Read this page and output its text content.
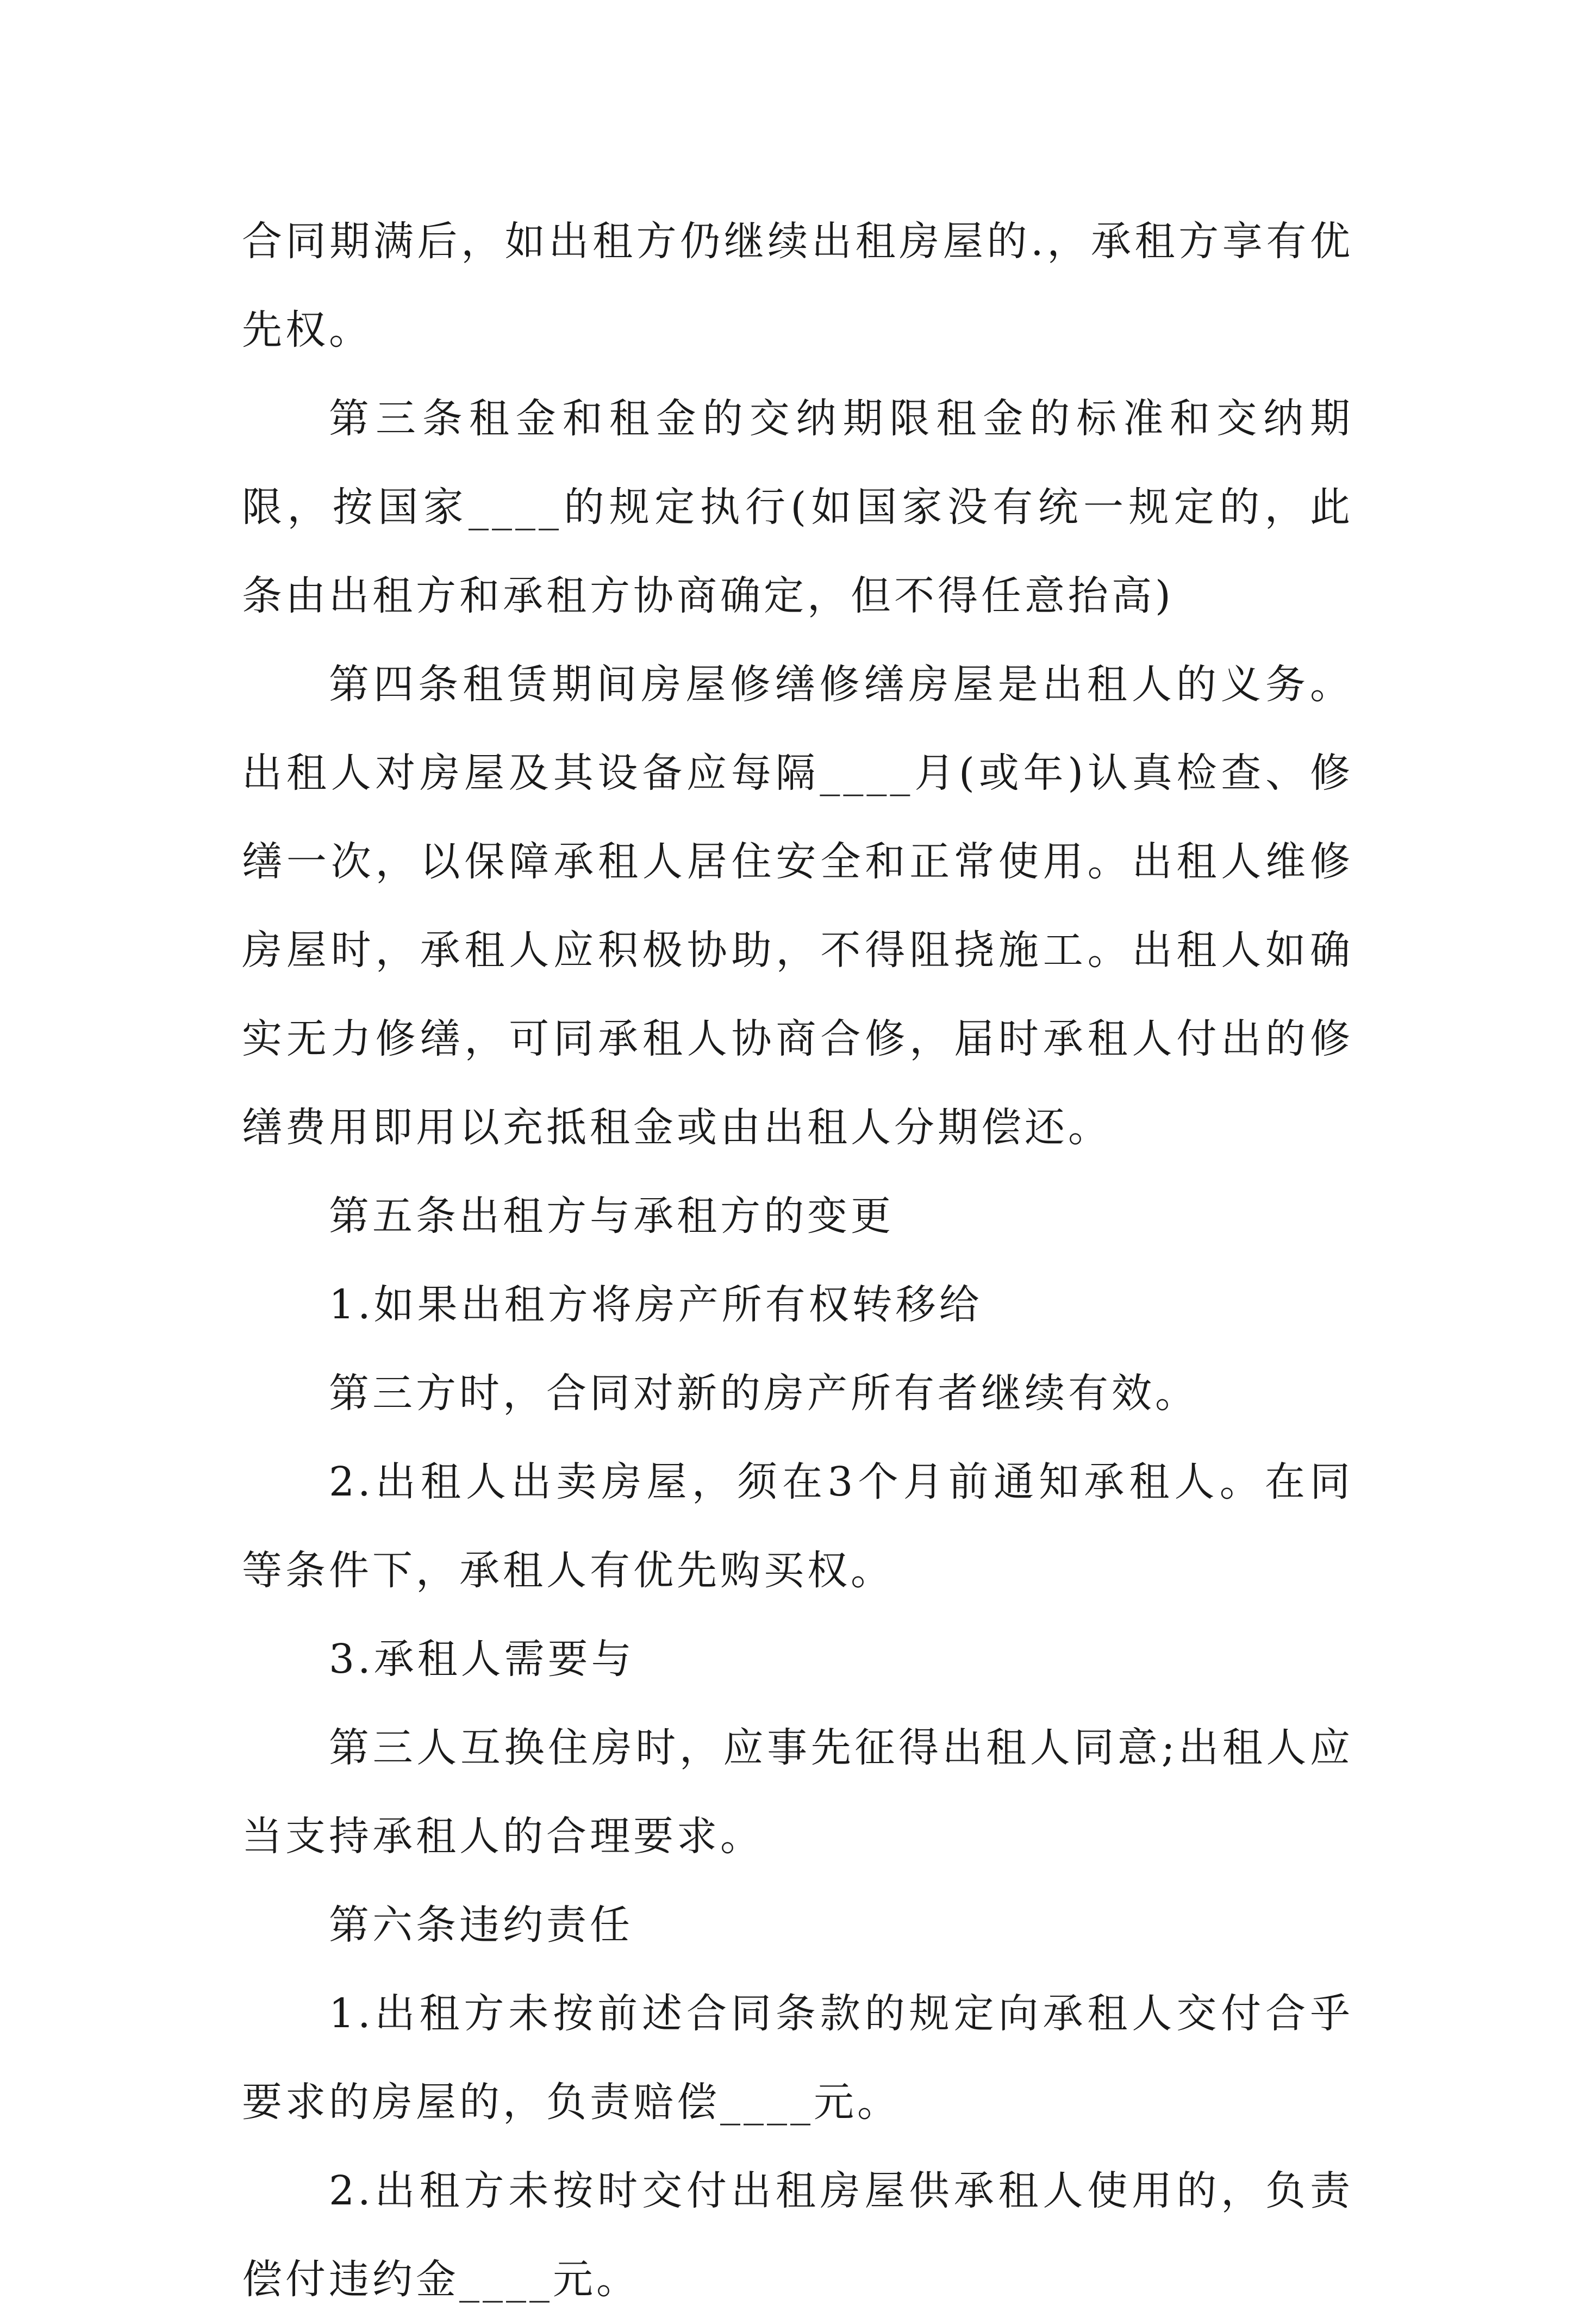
合同期满后，如出租方仍继续出租房屋的.，承租方享有优先权。

第三条租金和租金的交纳期限租金的标准和交纳期限，按国家____的规定执行(如国家没有统一规定的，此条由出租方和承租方协商确定，但不得任意抬高)

第四条租赁期间房屋修缮修缮房屋是出租人的义务。出租人对房屋及其设备应每隔____月(或年)认真检查、修缮一次，以保障承租人居住安全和正常使用。出租人维修房屋时，承租人应积极协助，不得阻挠施工。出租人如确实无力修缮，可同承租人协商合修，届时承租人付出的修缮费用即用以充抵租金或由出租人分期偿还。

第五条出租方与承租方的变更

1.如果出租方将房产所有权转移给

第三方时，合同对新的房产所有者继续有效。

2.出租人出卖房屋，须在3个月前通知承租人。在同等条件下，承租人有优先购买权。

3.承租人需要与

第三人互换住房时，应事先征得出租人同意;出租人应当支持承租人的合理要求。

第六条违约责任

1.出租方未按前述合同条款的规定向承租人交付合乎要求的房屋的，负责赔偿____元。

2.出租方未按时交付出租房屋供承租人使用的，负责偿付违约金____元。
